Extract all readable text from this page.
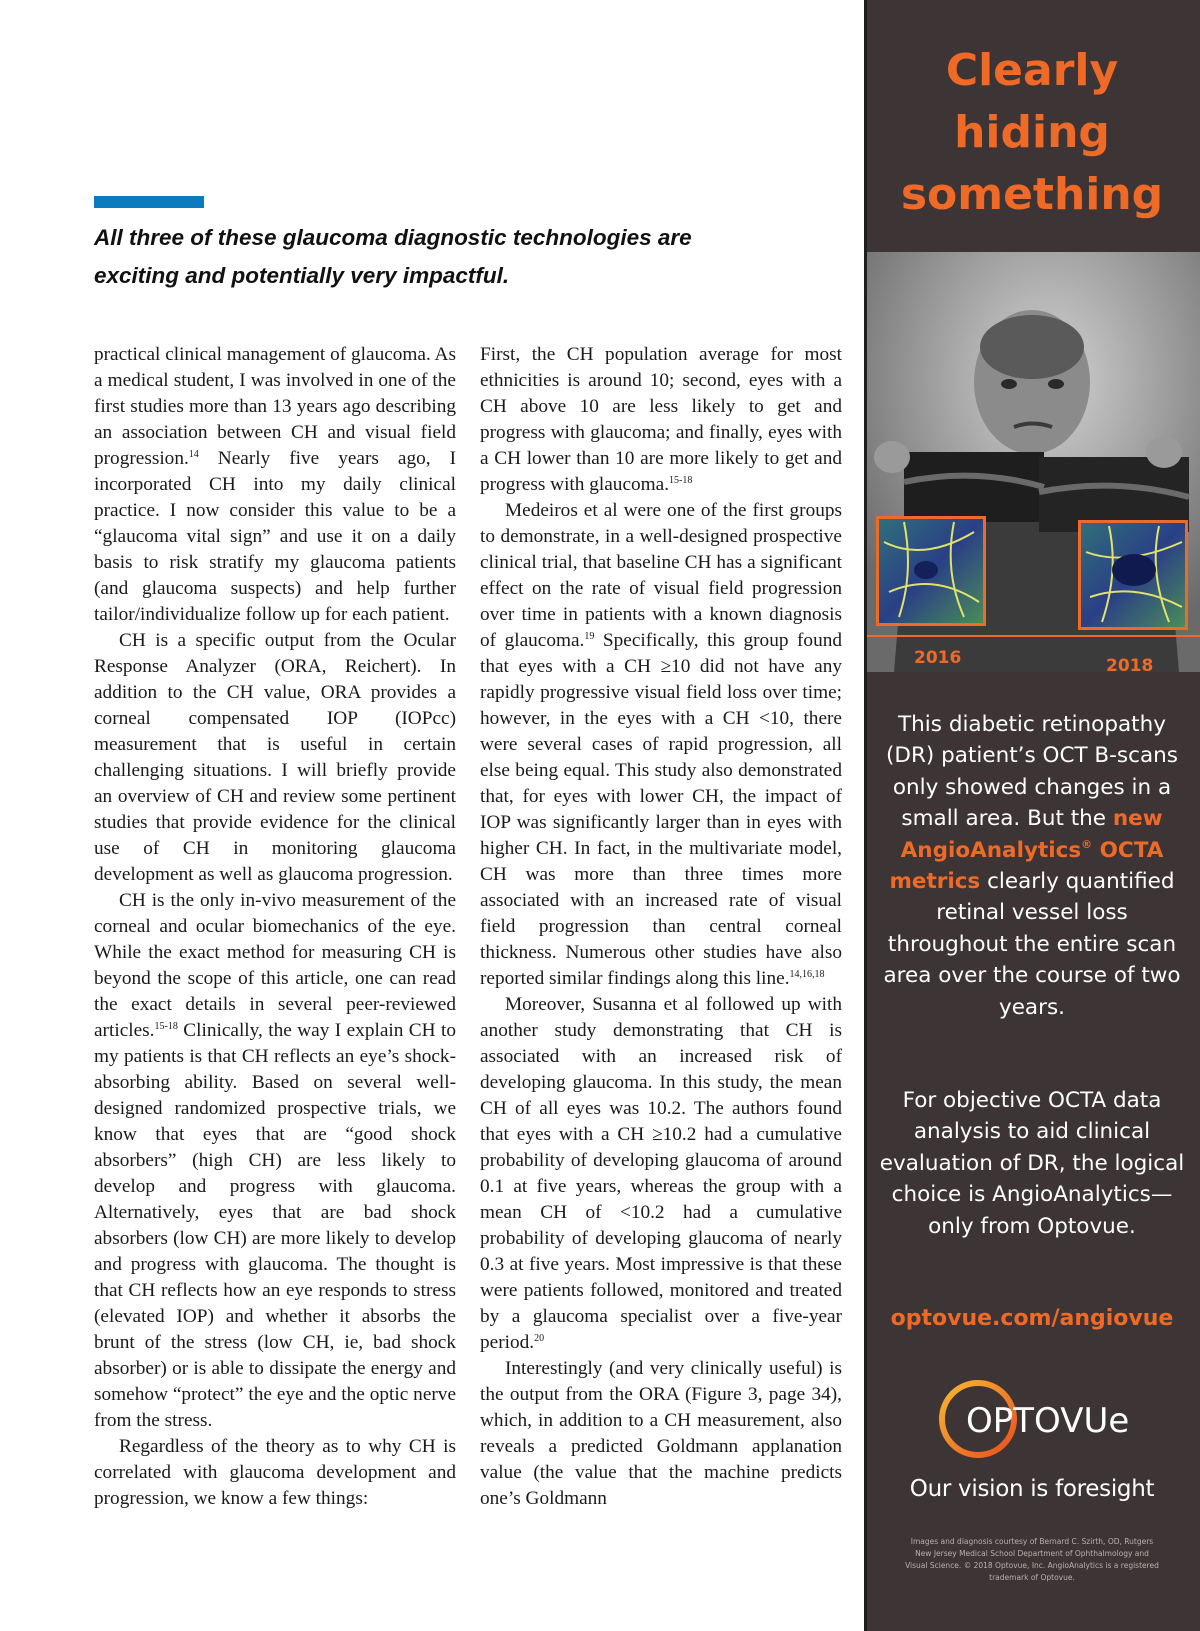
All three of these glaucoma diagnostic technologies are
exciting and potentially very impactful.

practical clinical management of glaucoma. As a medical student, I was involved in one of the first studies more than 13 years ago describing an association between CH and visual field progression.$^{14}$ Nearly five years ago, I incorporated CH into my daily clinical practice. I now consider this value to be a “glaucoma vital sign” and use it on a daily basis to risk stratify my glaucoma patients (and glaucoma suspects) and help further tailor/individualize follow up for each patient.

CH is a specific output from the Ocular Response Analyzer (ORA, Reichert). In addition to the CH value, ORA provides a corneal compensated IOP (IOPcc) measurement that is useful in certain challenging situations. I will briefly provide an overview of CH and review some pertinent studies that provide evidence for the clinical use of CH in monitoring glaucoma development as well as glaucoma progression.

CH is the only in-vivo measurement of the corneal and ocular biomechanics of the eye. While the exact method for measuring CH is beyond the scope of this article, one can read the exact details in several peer-reviewed articles.$^{15-18}$ Clinically, the way I explain CH to my patients is that CH reflects an eye’s shock-absorbing ability. Based on several well-designed randomized prospective trials, we know that eyes that are “good shock absorbers” (high CH) are less likely to develop and progress with glaucoma. Alternatively, eyes that are bad shock absorbers (low CH) are more likely to develop and progress with glaucoma. The thought is that CH reflects how an eye responds to stress (elevated IOP) and whether it absorbs the brunt of the stress (low CH, ie, bad shock absorber) or is able to dissipate the energy and somehow “protect” the eye and the optic nerve from the stress.

Regardless of the theory as to why CH is correlated with glaucoma development and progression, we know a few things:

First, the CH population average for most ethnicities is around 10; second, eyes with a CH above 10 are less likely to get and progress with glaucoma; and finally, eyes with a CH lower than 10 are more likely to get and progress with glaucoma.$^{15-18}$

Medeiros et al were one of the first groups to demonstrate, in a well-designed prospective clinical trial, that baseline CH has a significant effect on the rate of visual field progression over time in patients with a known diagnosis of glaucoma.$^{19}$ Specifically, this group found that eyes with a CH ≥10 did not have any rapidly progressive visual field loss over time; however, in the eyes with a CH <10, there were several cases of rapid progression, all else being equal. This study also demonstrated that, for eyes with lower CH, the impact of IOP was significantly larger than in eyes with higher CH. In fact, in the multivariate model, CH was more than three times more associated with an increased rate of visual field progression than central corneal thickness. Numerous other studies have also reported similar findings along this line.$^{14,16,18}$

Moreover, Susanna et al followed up with another study demonstrating that CH is associated with an increased risk of developing glaucoma. In this study, the mean CH of all eyes was 10.2. The authors found that eyes with a CH ≥10.2 had a cumulative probability of developing glaucoma of around 0.1 at five years, whereas the group with a mean CH of <10.2 had a cumulative probability of developing glaucoma of nearly 0.3 at five years. Most impressive is that these were patients followed, monitored and treated by a glaucoma specialist over a five-year period.$^{20}$

Interestingly (and very clinically useful) is the output from the ORA (Figure 3, page 34), which, in addition to a CH measurement, also reveals a predicted Goldmann applanation value (the value that the machine predicts one’s Goldmann

Clearly
hiding
something

2016	2018

This diabetic retinopathy (DR) patient’s OCT B-scans only showed changes in a small area. But the new AngioAnalytics® OCTA metrics clearly quantified retinal vessel loss throughout the entire scan area over the course of two years.

For objective OCTA data analysis to aid clinical evaluation of DR, the logical choice is AngioAnalytics— only from Optovue.

optovue.com/angiovue
OPTOVUe
Our vision is foresight

Images and diagnosis courtesy of Bernard C. Szirth, OD, Rutgers New Jersey Medical School Department of Ophthalmology and Visual Science. © 2018 Optovue, Inc. AngioAnalytics is a registered trademark of Optovue.
